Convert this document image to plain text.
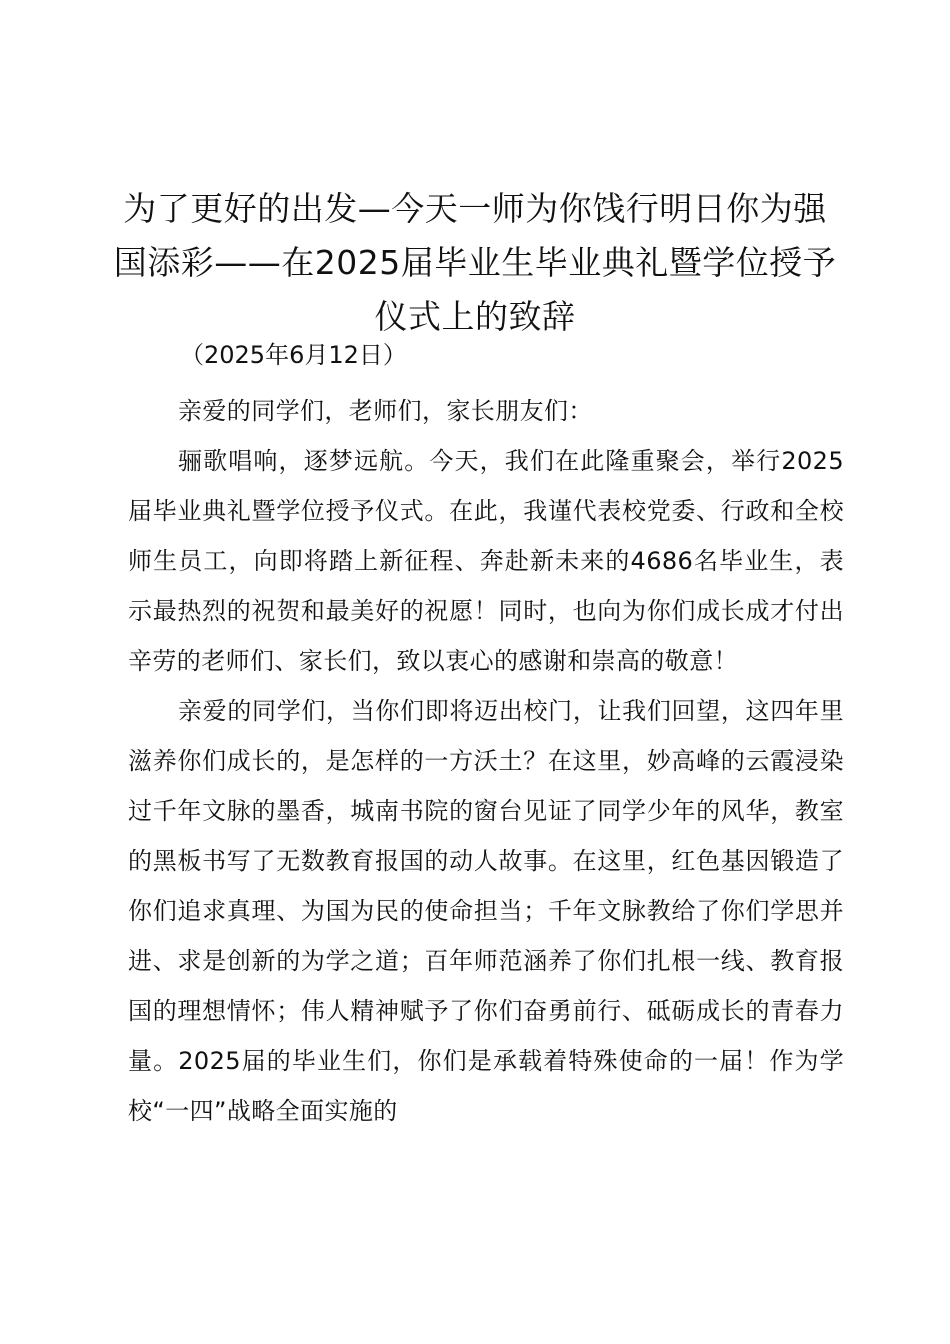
为了更好的出发—今天一师为你饯行明日你为强国添彩——在2025届毕业生毕业典礼暨学位授予仪式上的致辞
（2025年6月12日）

亲爱的同学们，老师们，家长朋友们：

骊歌唱响，逐梦远航。今天，我们在此隆重聚会，举行2025届毕业典礼暨学位授予仪式。在此，我谨代表校党委、行政和全校师生员工，向即将踏上新征程、奔赴新未来的4686名毕业生，表示最热烈的祝贺和最美好的祝愿！同时，也向为你们成长成才付出辛劳的老师们、家长们，致以衷心的感谢和崇高的敬意！

亲爱的同学们，当你们即将迈出校门，让我们回望，这四年里滋养你们成长的，是怎样的一方沃土？在这里，妙高峰的云霞浸染过千年文脉的墨香，城南书院的窗台见证了同学少年的风华，教室的黑板书写了无数教育报国的动人故事。在这里，红色基因锻造了你们追求真理、为国为民的使命担当；千年文脉教给了你们学思并进、求是创新的为学之道；百年师范涵养了你们扎根一线、教育报国的理想情怀；伟人精神赋予了你们奋勇前行、砥砺成长的青春力量。2025届的毕业生们，你们是承载着特殊使命的一届！作为学校“一四”战略全面实施的
